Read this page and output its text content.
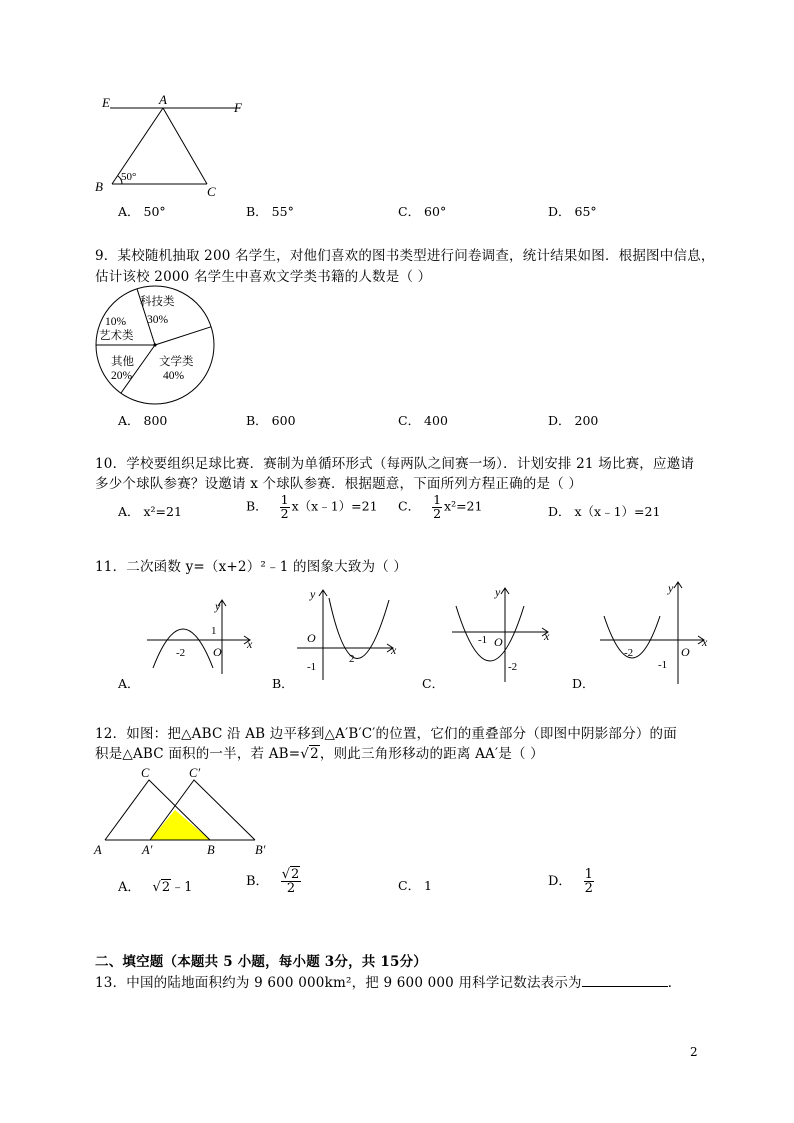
E	A
F
B	C
50°
A． 50°	B． 55°	C． 60°	D． 65°
9．某校随机抽取 200 名学生，对他们喜欢的图书类型进行问卷调查，统计结果如图．根据图中信息，
估计该校 2000 名学生中喜欢文学类书籍的人数是（ ）
科技类
30%
10%
艺术类
其他
20%
文学类
40%
A． 800	B． 600	C． 400	D． 200
10．学校要组织足球比赛．赛制为单循环形式（每两队之间赛一场）．计划安排 21 场比赛，应邀请
多少个球队参赛？设邀请 x 个球队参赛．根据题意，下面所列方程正确的是（ ）
A． x²=21	B． $\frac{1}{2}$ x（x﹣1）=21 C． $\frac{1}{2} x^2=21$	D． x（x﹣1）=21
11．二次函数 y=（x+2）²﹣1 的图象大致为（ ）
y
x
O
-2
1
A．
y
x
O
2
-1
B．
y
x
O
-1
-2
C．
y
x
O
-2
-1
D．
12．如图：把△ABC 沿 AB 边平移到△A′B′C′的位置，它们的重叠部分（即图中阴影部分）的面
积是△ABC 面积的一半，若 AB=√2，则此三角形移动的距离 AA′是（ ）
C	C′
A	A′	B	B′
A． √2﹣1	B． $\frac{√2}{2}$	C． 1	D． $\frac{1}{2}$
二、填空题（本题共 5 小题，每小题 3分，共 15分）
13．中国的陆地面积约为 9 600 000km²，把 9 600 000 用科学记数法表示为	．
2
